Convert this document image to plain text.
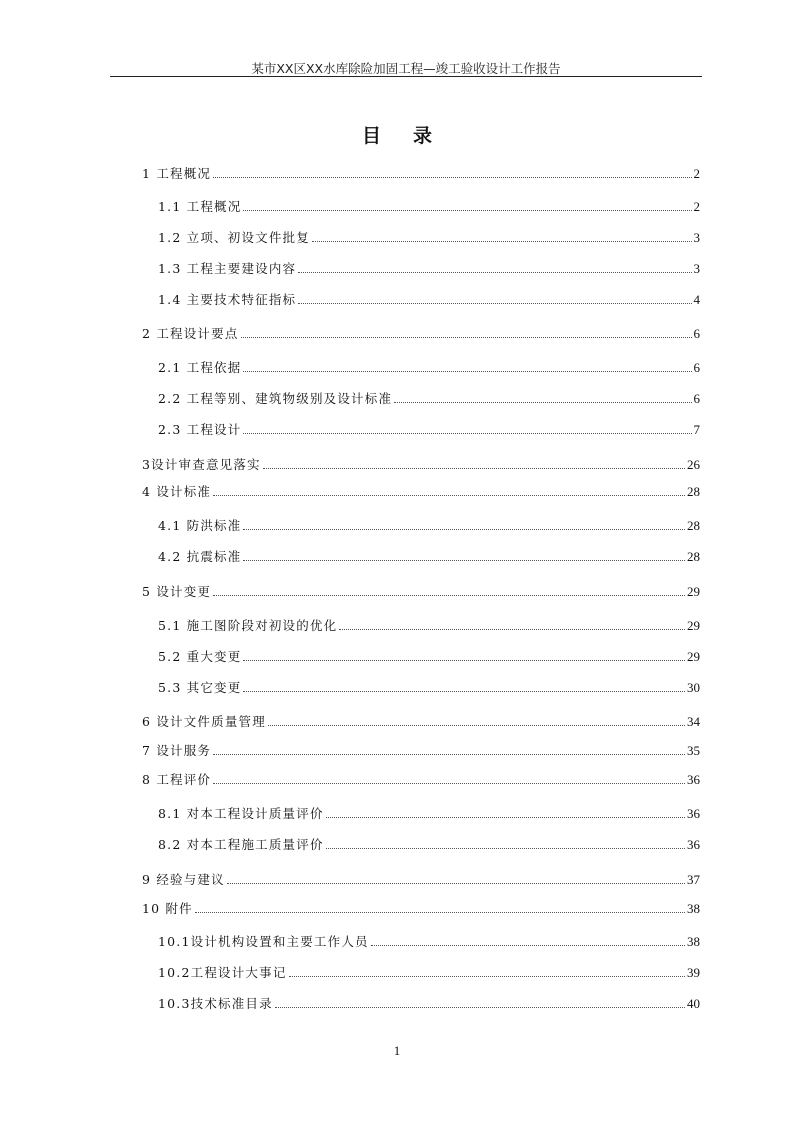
某市XX区XX水库除险加固工程—竣工验收设计工作报告
目 录
1 工程概况	2
1.1 工程概况	2
1.2 立项、初设文件批复	3
1.3 工程主要建设内容	3
1.4 主要技术特征指标	4
2 工程设计要点	6
2.1 工程依据	6
2.2 工程等别、建筑物级别及设计标准	6
2.3 工程设计	7
3设计审查意见落实	26
4 设计标准	28
4.1 防洪标准	28
4.2 抗震标准	28
5 设计变更	29
5.1 施工图阶段对初设的优化	29
5.2 重大变更	29
5.3 其它变更	30
6 设计文件质量管理	34
7 设计服务	35
8 工程评价	36
8.1 对本工程设计质量评价	36
8.2 对本工程施工质量评价	36
9 经验与建议	37
10 附件	38
10.1设计机构设置和主要工作人员	38
10.2工程设计大事记	39
10.3技术标准目录	40
1
